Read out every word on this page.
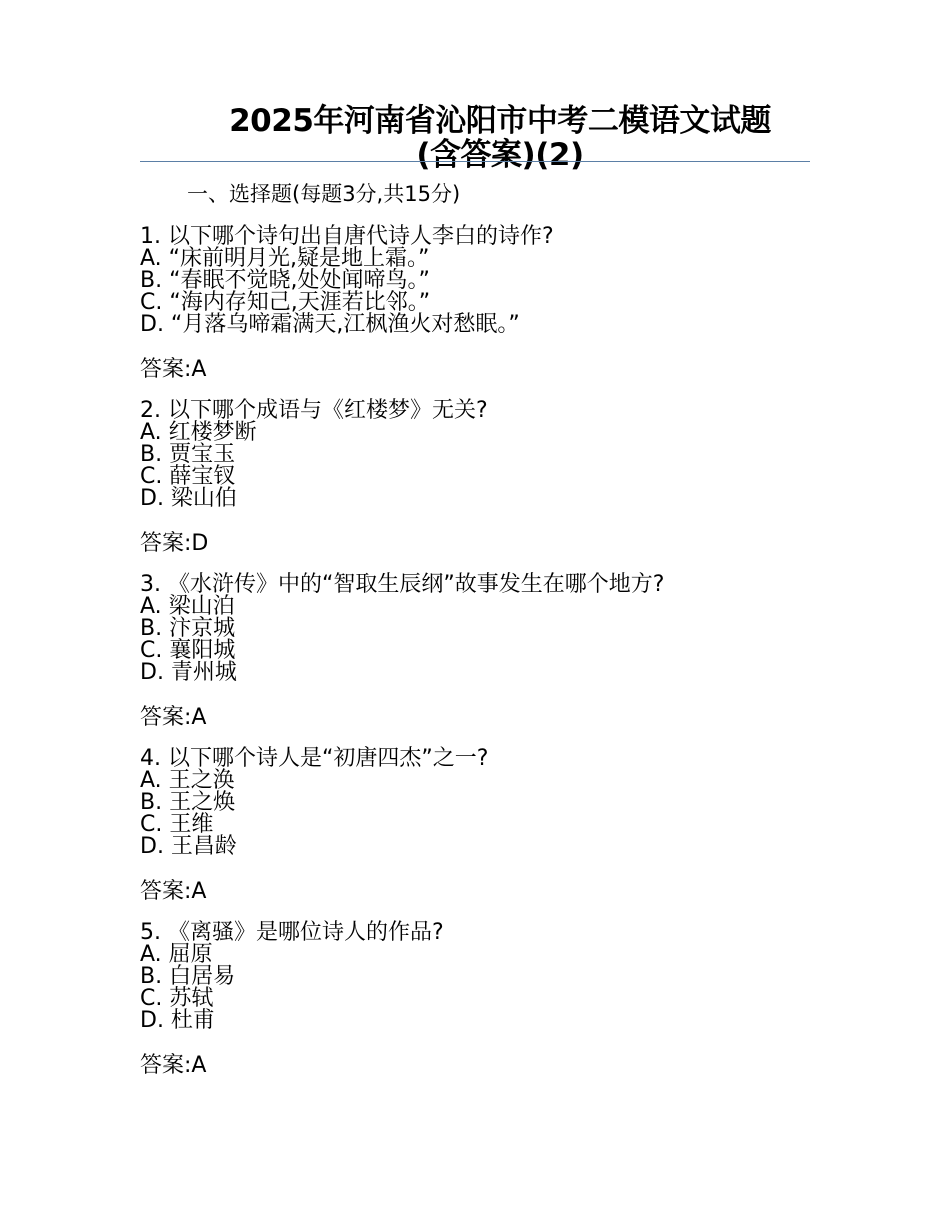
2025年河南省沁阳市中考二模语文试题
(含答案)(2)
一、选择题(每题3分,共15分)
1. 以下哪个诗句出自唐代诗人李白的诗作?
A. “床前明月光,疑是地上霜。”
B. “春眠不觉晓,处处闻啼鸟。”
C. “海内存知己,天涯若比邻。”
D. “月落乌啼霜满天,江枫渔火对愁眠。”
答案:A
2. 以下哪个成语与《红楼梦》无关?
A. 红楼梦断
B. 贾宝玉
C. 薛宝钗
D. 梁山伯
答案:D
3. 《水浒传》中的“智取生辰纲”故事发生在哪个地方?
A. 梁山泊
B. 汴京城
C. 襄阳城
D. 青州城
答案:A
4. 以下哪个诗人是“初唐四杰”之一?
A. 王之涣
B. 王之焕
C. 王维
D. 王昌龄
答案:A
5. 《离骚》是哪位诗人的作品?
A. 屈原
B. 白居易
C. 苏轼
D. 杜甫
答案:A
